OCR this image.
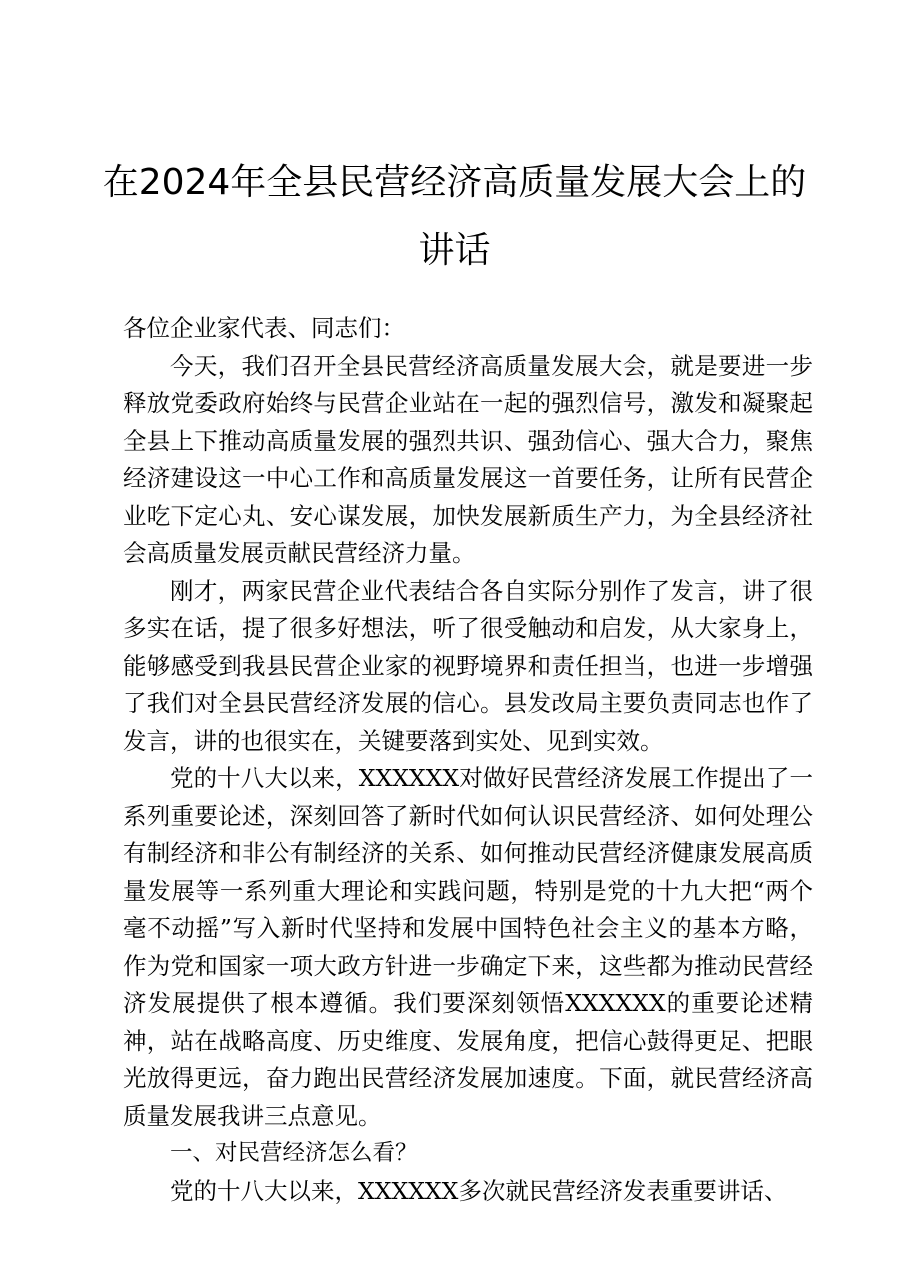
在2024年全县民营经济高质量发展大会上的
讲话

各位企业家代表、同志们：

今天，我们召开全县民营经济高质量发展大会，就是要进一步释放党委政府始终与民营企业站在一起的强烈信号，激发和凝聚起全县上下推动高质量发展的强烈共识、强劲信心、强大合力，聚焦经济建设这一中心工作和高质量发展这一首要任务，让所有民营企业吃下定心丸、安心谋发展，加快发展新质生产力，为全县经济社会高质量发展贡献民营经济力量。

刚才，两家民营企业代表结合各自实际分别作了发言，讲了很多实在话，提了很多好想法，听了很受触动和启发，从大家身上，能够感受到我县民营企业家的视野境界和责任担当，也进一步增强了我们对全县民营经济发展的信心。县发改局主要负责同志也作了发言，讲的也很实在，关键要落到实处、见到实效。

党的十八大以来，XXXXXX对做好民营经济发展工作提出了一系列重要论述，深刻回答了新时代如何认识民营经济、如何处理公有制经济和非公有制经济的关系、如何推动民营经济健康发展高质量发展等一系列重大理论和实践问题，特别是党的十九大把“两个毫不动摇”写入新时代坚持和发展中国特色社会主义的基本方略，作为党和国家一项大政方针进一步确定下来，这些都为推动民营经济发展提供了根本遵循。我们要深刻领悟XXXXXX的重要论述精神，站在战略高度、历史维度、发展角度，把信心鼓得更足、把眼光放得更远，奋力跑出民营经济发展加速度。下面，就民营经济高质量发展我讲三点意见。

一、对民营经济怎么看？

党的十八大以来，XXXXXX多次就民营经济发表重要讲话、
